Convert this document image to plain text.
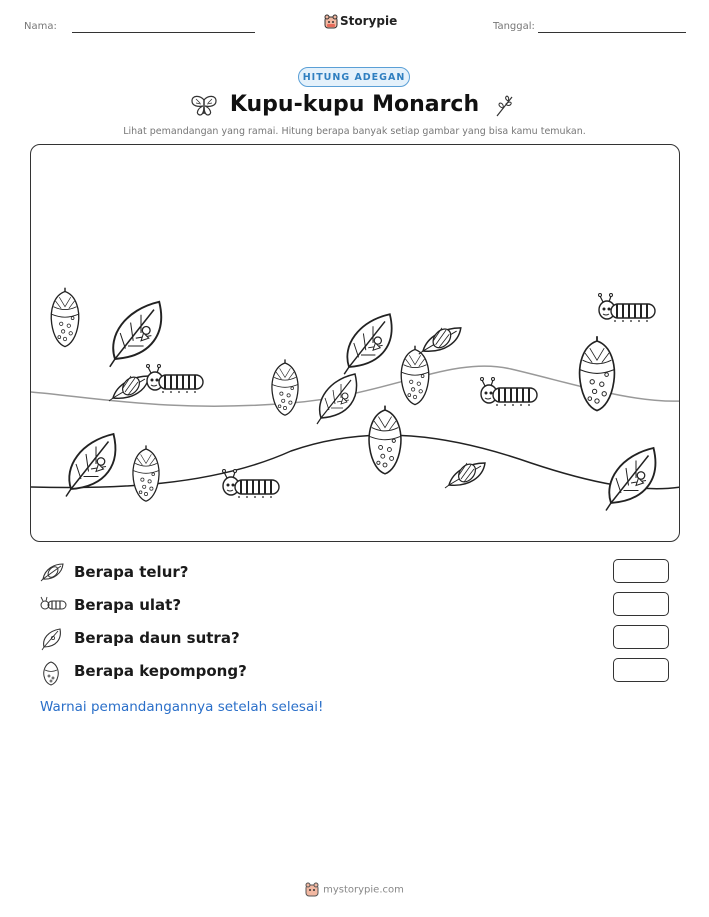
Nama:	Storypie	Tanggal:
HITUNG ADEGAN
Kupu-kupu Monarch
Lihat pemandangan yang ramai. Hitung berapa banyak setiap gambar yang bisa kamu temukan.
Berapa telur?
Berapa ulat?
Berapa daun sutra?
Berapa kepompong?
Warnai pemandangannya setelah selesai!
mystorypie.com
